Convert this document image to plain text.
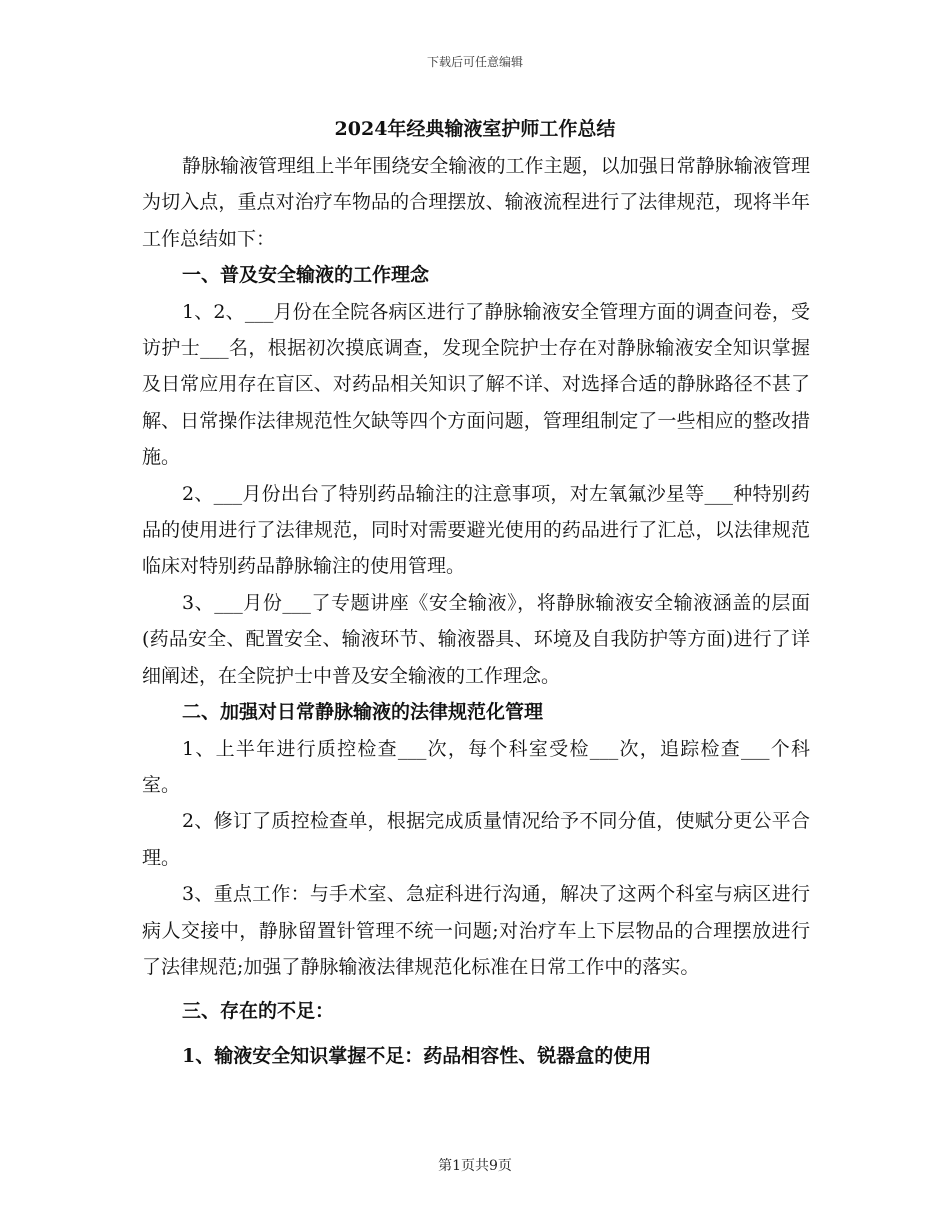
下载后可任意编辑
2024年经典输液室护师工作总结

静脉输液管理组上半年围绕安全输液的工作主题，以加强日常静脉输液管理为切入点，重点对治疗车物品的合理摆放、输液流程进行了法律规范，现将半年工作总结如下：

一、普及安全输液的工作理念

1、2、___月份在全院各病区进行了静脉输液安全管理方面的调查问卷，受访护士___名，根据初次摸底调查，发现全院护士存在对静脉输液安全知识掌握及日常应用存在盲区、对药品相关知识了解不详、对选择合适的静脉路径不甚了解、日常操作法律规范性欠缺等四个方面问题，管理组制定了一些相应的整改措施。

2、___月份出台了特别药品输注的注意事项，对左氧氟沙星等___种特别药品的使用进行了法律规范，同时对需要避光使用的药品进行了汇总，以法律规范临床对特别药品静脉输注的使用管理。

3、___月份___了专题讲座《安全输液》，将静脉输液安全输液涵盖的层面(药品安全、配置安全、输液环节、输液器具、环境及自我防护等方面)进行了详细阐述，在全院护士中普及安全输液的工作理念。

二、加强对日常静脉输液的法律规范化管理

1、上半年进行质控检查___次，每个科室受检___次，追踪检查___个科室。

2、修订了质控检查单，根据完成质量情况给予不同分值，使赋分更公平合理。

3、重点工作：与手术室、急症科进行沟通，解决了这两个科室与病区进行病人交接中，静脉留置针管理不统一问题;对治疗车上下层物品的合理摆放进行了法律规范;加强了静脉输液法律规范化标准在日常工作中的落实。

三、存在的不足：

1、输液安全知识掌握不足：药品相容性、锐器盒的使用

第1页共9页
